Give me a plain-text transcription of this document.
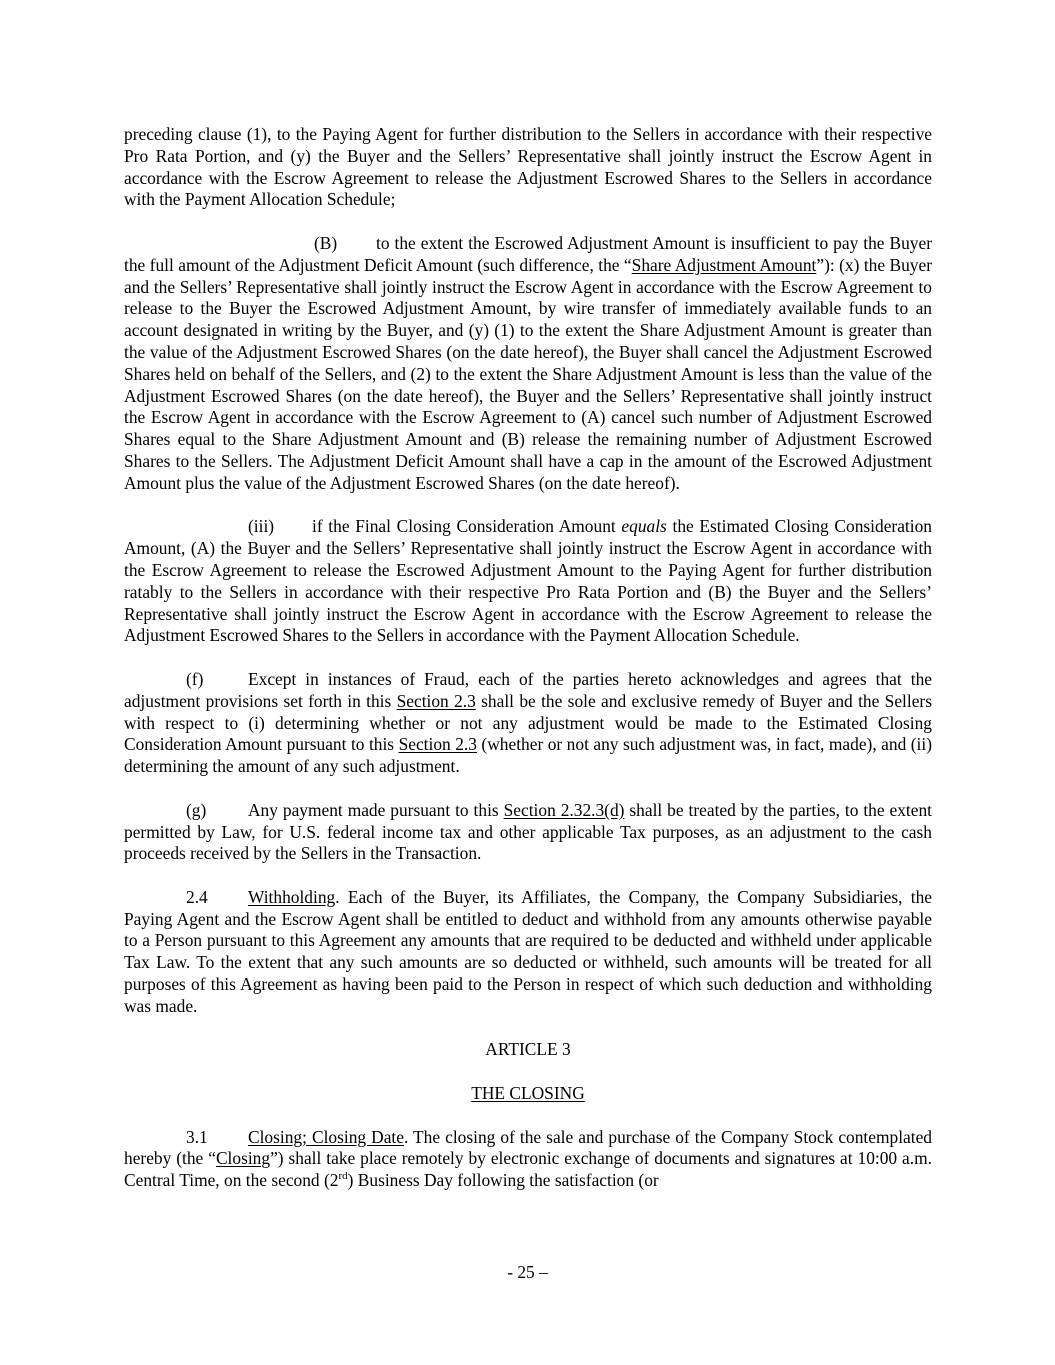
preceding clause (1), to the Paying Agent for further distribution to the Sellers in accordance with their respective Pro Rata Portion, and (y) the Buyer and the Sellers’ Representative shall jointly instruct the Escrow Agent in accordance with the Escrow Agreement to release the Adjustment Escrowed Shares to the Sellers in accordance with the Payment Allocation Schedule;

(B) to the extent the Escrowed Adjustment Amount is insufficient to pay the Buyer the full amount of the Adjustment Deficit Amount (such difference, the “Share Adjustment Amount”): (x) the Buyer and the Sellers’ Representative shall jointly instruct the Escrow Agent in accordance with the Escrow Agreement to release to the Buyer the Escrowed Adjustment Amount, by wire transfer of immediately available funds to an account designated in writing by the Buyer, and (y) (1) to the extent the Share Adjustment Amount is greater than the value of the Adjustment Escrowed Shares (on the date hereof), the Buyer shall cancel the Adjustment Escrowed Shares held on behalf of the Sellers, and (2) to the extent the Share Adjustment Amount is less than the value of the Adjustment Escrowed Shares (on the date hereof), the Buyer and the Sellers’ Representative shall jointly instruct the Escrow Agent in accordance with the Escrow Agreement to (A) cancel such number of Adjustment Escrowed Shares equal to the Share Adjustment Amount and (B) release the remaining number of Adjustment Escrowed Shares to the Sellers. The Adjustment Deficit Amount shall have a cap in the amount of the Escrowed Adjustment Amount plus the value of the Adjustment Escrowed Shares (on the date hereof).

(iii) if the Final Closing Consideration Amount equals the Estimated Closing Consideration Amount, (A) the Buyer and the Sellers’ Representative shall jointly instruct the Escrow Agent in accordance with the Escrow Agreement to release the Escrowed Adjustment Amount to the Paying Agent for further distribution ratably to the Sellers in accordance with their respective Pro Rata Portion and (B) the Buyer and the Sellers’ Representative shall jointly instruct the Escrow Agent in accordance with the Escrow Agreement to release the Adjustment Escrowed Shares to the Sellers in accordance with the Payment Allocation Schedule.

(f)	Except in instances of Fraud, each of the parties hereto acknowledges and agrees that the adjustment provisions set forth in this Section 2.3 shall be the sole and exclusive remedy of Buyer and the Sellers with respect to (i) determining whether or not any adjustment would be made to the Estimated Closing Consideration Amount pursuant to this Section 2.3 (whether or not any such adjustment was, in fact, made), and (ii) determining the amount of any such adjustment.

(g) Any payment made pursuant to this Section 2.32.3(d) shall be treated by the parties, to the extent permitted by Law, for U.S. federal income tax and other applicable Tax purposes, as an adjustment to the cash proceeds received by the Sellers in the Transaction.

2.4 Withholding. Each of the Buyer, its Affiliates, the Company, the Company Subsidiaries, the Paying Agent and the Escrow Agent shall be entitled to deduct and withhold from any amounts otherwise payable to a Person pursuant to this Agreement any amounts that are required to be deducted and withheld under applicable Tax Law. To the extent that any such amounts are so deducted or withheld, such amounts will be treated for all purposes of this Agreement as having been paid to the Person in respect of which such deduction and withholding was made.

ARTICLE 3

THE CLOSING

3.1 Closing; Closing Date. The closing of the sale and purchase of the Company Stock contemplated hereby (the “Closing”) shall take place remotely by electronic exchange of documents and signatures at 10:00 a.m. Central Time, on the second (2rd) Business Day following the satisfaction (or

- 25 –
